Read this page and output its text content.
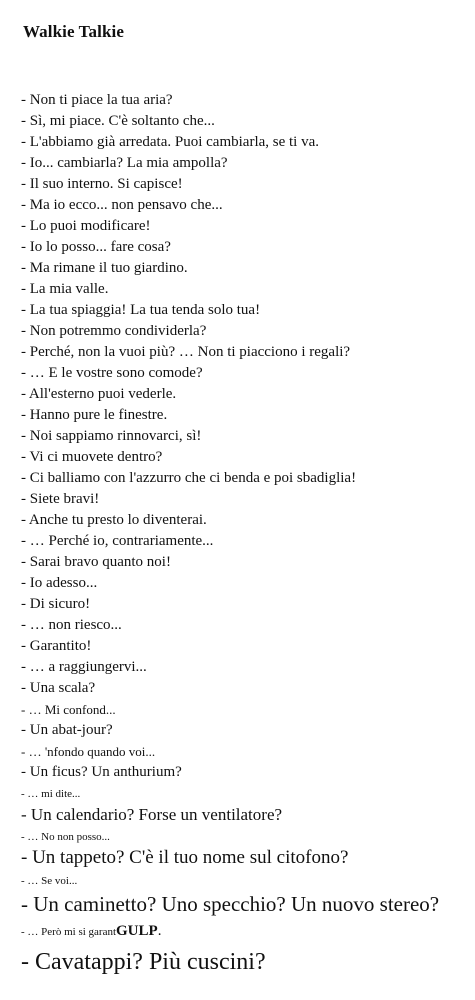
Walkie Talkie
- Non ti piace la tua aria?
- Sì, mi piace. C'è soltanto che...
- L'abbiamo già arredata. Puoi cambiarla, se ti va.
- Io... cambiarla? La mia ampolla?
- Il suo interno. Si capisce!
- Ma io ecco... non pensavo che...
- Lo puoi modificare!
- Io lo posso... fare cosa?
- Ma rimane il tuo giardino.
- La mia valle.
- La tua spiaggia! La tua tenda solo tua!
- Non potremmo condividerla?
- Perché, non la vuoi più? … Non ti piacciono i regali?
- … E le vostre sono comode?
- All'esterno puoi vederle.
- Hanno pure le finestre.
- Noi sappiamo rinnovarci, sì!
- Vi ci muovete dentro?
- Ci balliamo con l'azzurro che ci benda e poi sbadiglia!
- Siete bravi!
- Anche tu presto lo diventerai.
- … Perché io, contrariamente...
- Sarai bravo quanto noi!
- Io adesso...
- Di sicuro!
- … non riesco...
- Garantito!
- … a raggiungervi...
- Una scala?
- … Mi confond...
- Un abat-jour?
- … 'nfondo quando voi...
- Un ficus? Un anthurium?
- … mi dite...
- Un calendario? Forse un ventilatore?
- … No non posso...
- Un tappeto? C'è il tuo nome sul citofono?
- … Se voi...
- Un caminetto? Uno specchio? Un nuovo stereo?
- … Però mi si garantGULP.
- Cavatappi? Più cuscini?
